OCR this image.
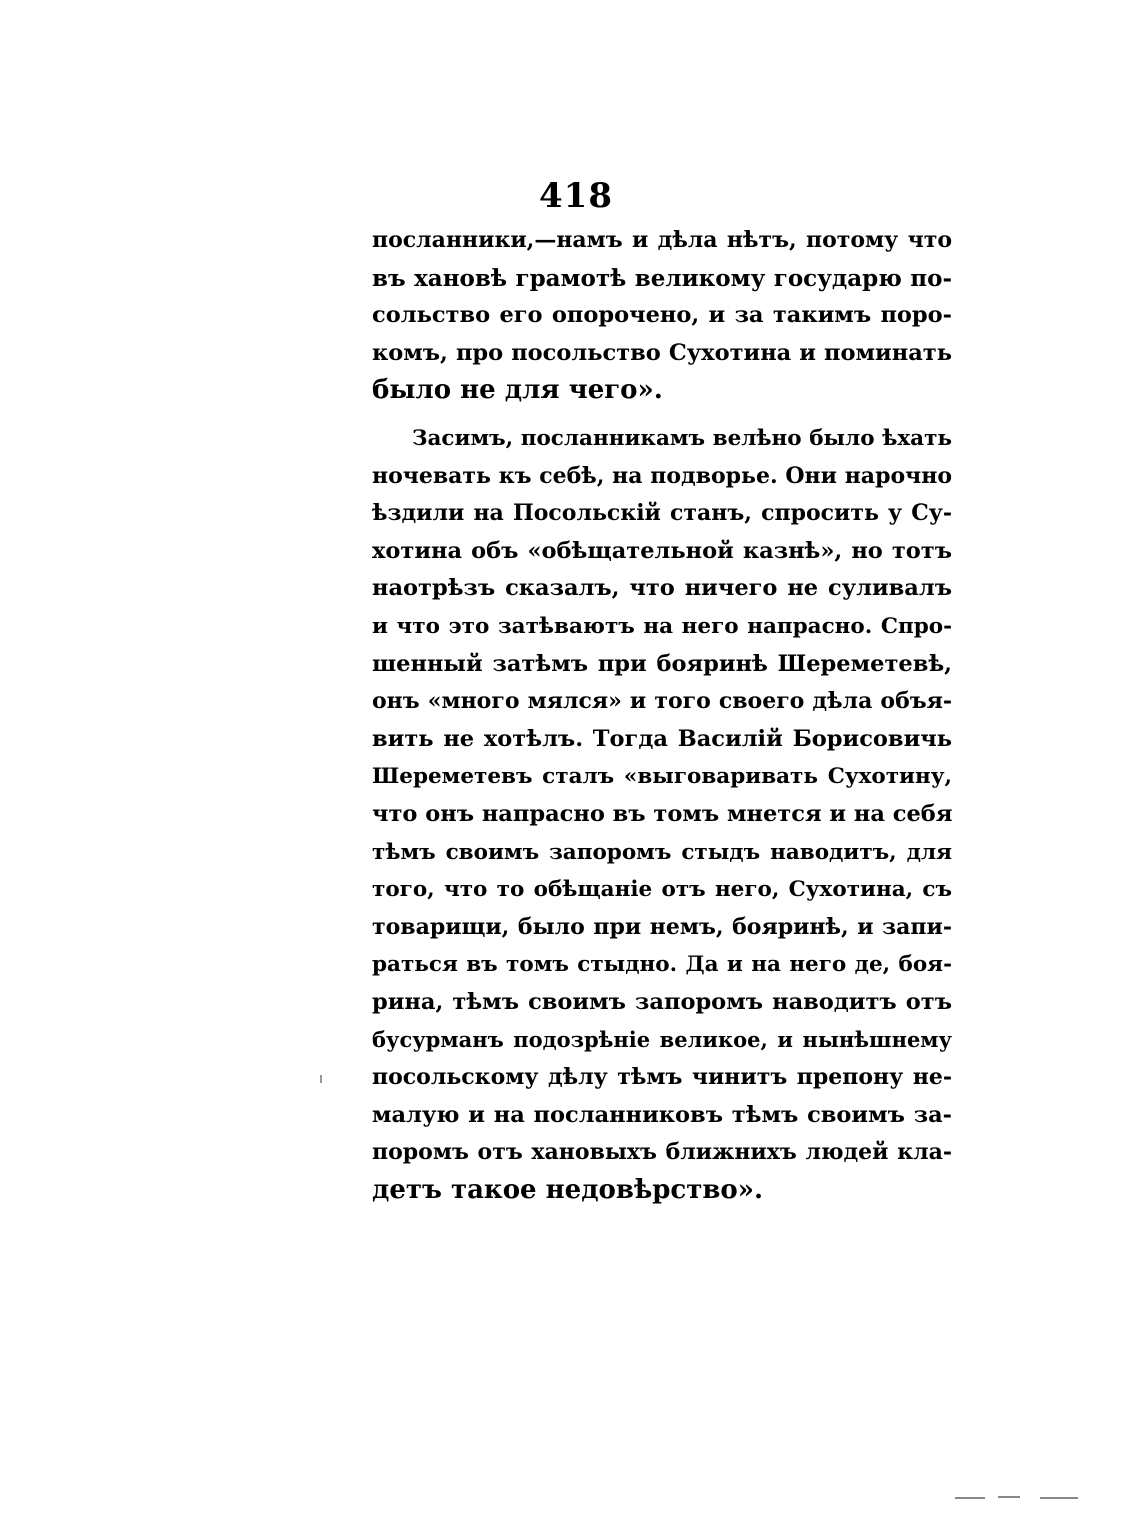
418
посланники,—намъ и дѣла нѣтъ, потому что
въ хановѣ грамотѣ великому государю по-
сольство его опорочено, и за такимъ поро-
комъ, про посольство Сухотина и поминать
было не для чего».
Засимъ, посланникамъ велѣно было ѣхать
ночевать къ себѣ, на подворье. Они нарочно
ѣздили на Посольскій станъ, спросить у Су-
хотина объ «обѣщательной казнѣ», но тотъ
наотрѣзъ сказалъ, что ничего не суливалъ
и что это затѣваютъ на него напрасно. Спро-
шенный затѣмъ при бояринѣ Шереметевѣ,
онъ «много мялся» и того своего дѣла объя-
вить не хотѣлъ. Тогда Василій Борисовичь
Шереметевъ сталъ «выговаривать Сухотину,
что онъ напрасно въ томъ мнется и на себя
тѣмъ своимъ запоромъ стыдъ наводитъ, для
того, что то обѣщаніе отъ него, Сухотина, съ
товарищи, было при немъ, бояринѣ, и запи-
раться въ томъ стыдно. Да и на него де, боя-
рина, тѣмъ своимъ запоромъ наводитъ отъ
бусурманъ подозрѣніе великое, и нынѣшнему
посольскому дѣлу тѣмъ чинитъ препону не-
малую и на посланниковъ тѣмъ своимъ за-
поромъ отъ хановыхъ ближнихъ людей кла-
детъ такое недовѣрство».
